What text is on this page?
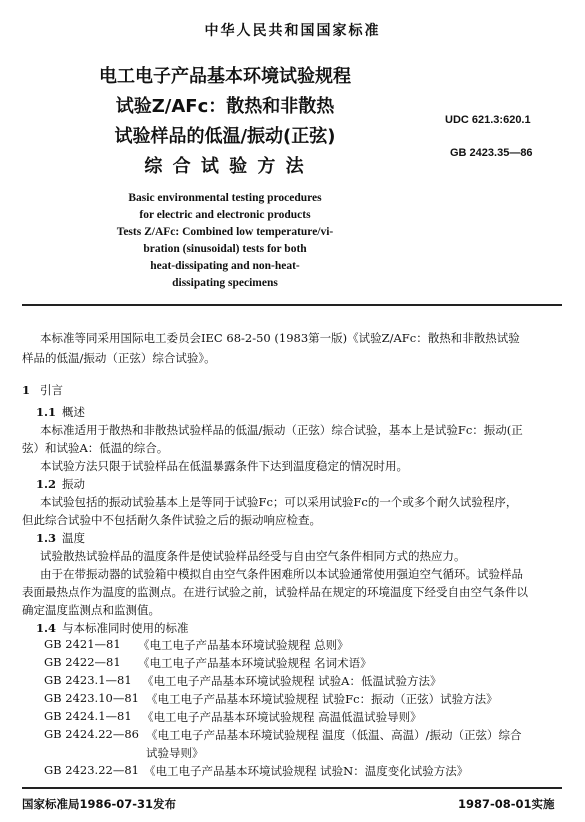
中华人民共和国国家标准
电工电子产品基本环境试验规程
试验Z/AFc：散热和非散热
试验样品的低温/振动(正弦)
综 合 试 验 方 法
UDC 621.3:620.1
GB 2423.35—86
Basic environmental testing procedures
for electric and electronic products
Tests Z/AFc: Combined low temperature/vi-
bration (sinusoidal) tests for both
heat-dissipating and non-heat-
dissipating specimens
本标准等同采用国际电工委员会IEC 68-2-50 (1983第一版)《试验Z/AFc：散热和非散热试验
样品的低温/振动（正弦）综合试验》。
1 引言
1.1 概述
本标准适用于散热和非散热试验样品的低温/振动（正弦）综合试验，基本上是试验Fc：振动(正
弦）和试验A：低温的综合。
本试验方法只限于试验样品在低温暴露条件下达到温度稳定的情况时用。
1.2 振动
本试验包括的振动试验基本上是等同于试验Fc；可以采用试验Fc的一个或多个耐久试验程序，
但此综合试验中不包括耐久条件试验之后的振动响应检查。
1.3 温度
试验散热试验样品的温度条件是使试验样品经受与自由空气条件相同方式的热应力。
由于在带振动器的试验箱中模拟自由空气条件困难所以本试验通常使用强迫空气循环。试验样品
表面最热点作为温度的监测点。在进行试验之前，试验样品在规定的环境温度下经受自由空气条件以
确定温度监测点和监测值。
1.4 与本标准同时使用的标准
GB 2421—81 《电工电子产品基本环境试验规程 总则》
GB 2422—81 《电工电子产品基本环境试验规程 名词术语》
GB 2423.1—81 《电工电子产品基本环境试验规程 试验A：低温试验方法》
GB 2423.10—81 《电工电子产品基本环境试验规程 试验Fc：振动（正弦）试验方法》
GB 2424.1—81 《电工电子产品基本环境试验规程 高温低温试验导则》
GB 2424.22—86 《电工电子产品基本环境试验规程 温度（低温、高温）/振动（正弦）综合
试验导则》
GB 2423.22—81 《电工电子产品基本环境试验规程 试验N：温度变化试验方法》
国家标准局1986-07-31发布	1987-08-01实施
